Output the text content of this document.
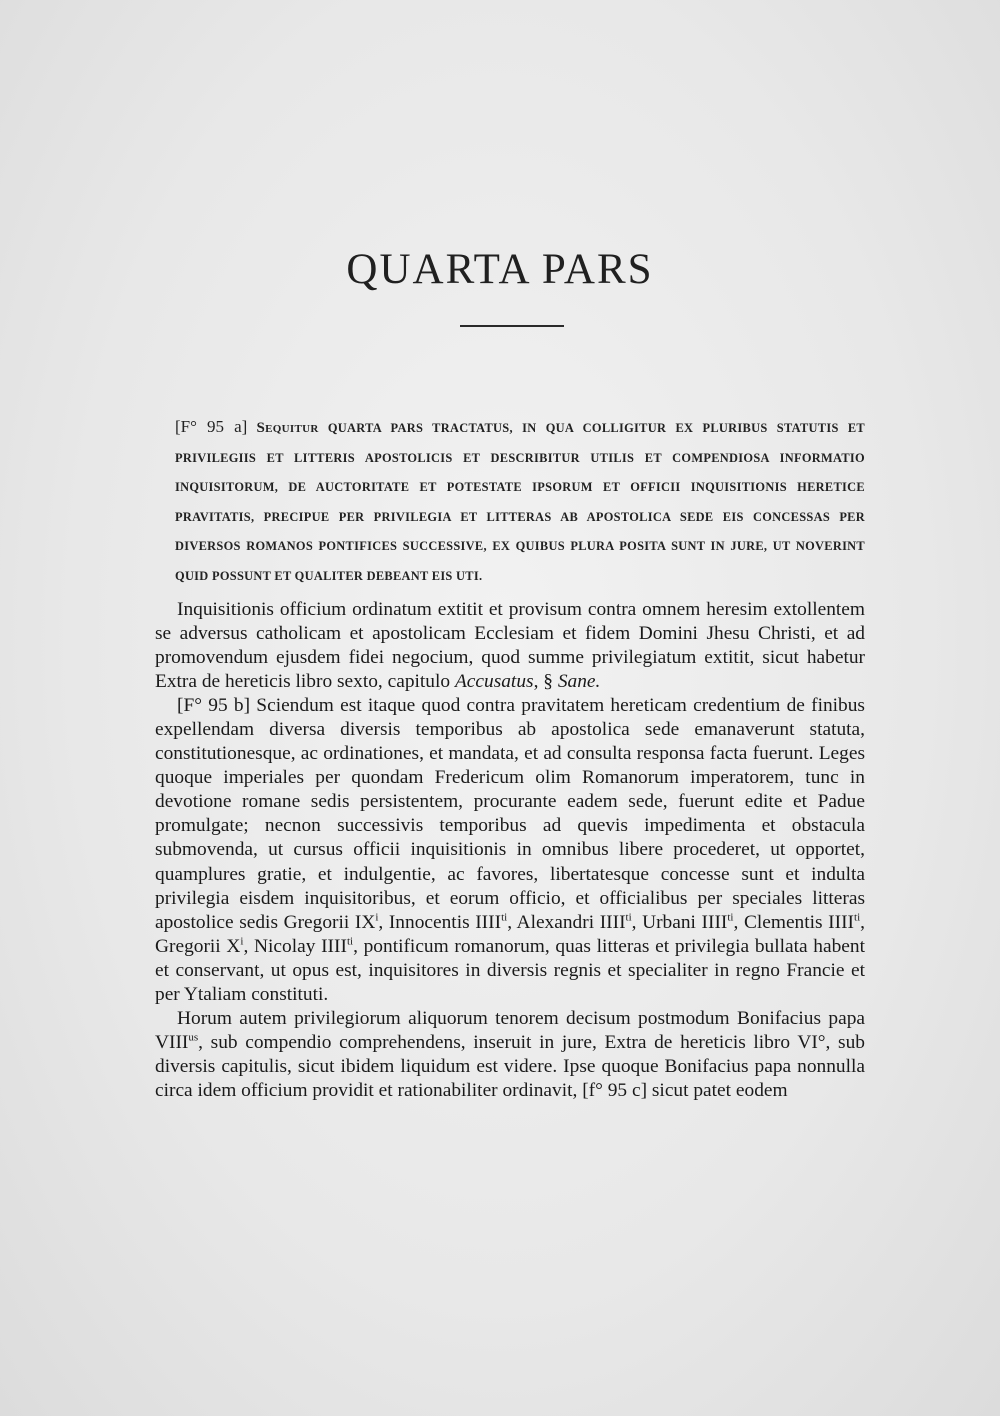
QUARTA PARS
[F° 95 a] Sequitur QUARTA PARS TRACTATUS, IN QUA COLLIGITUR EX PLURIBUS STATUTIS ET PRIVILEGIIS ET LITTERIS APOSTOLICIS ET DESCRIBITUR UTILIS ET COMPENDIOSA INFORMATIO INQUISITORUM, DE AUCTORITATE ET POTESTATE IPSORUM ET OFFICII INQUISITIONIS HERETICE PRAVITATIS, PRECIPUE PER PRIVILEGIA ET LITTERAS AB APOSTOLICA SEDE EIS CONCESSAS PER DIVERSOS ROMANOS PONTIFICES SUCCESSIVE, EX QUIBUS PLURA POSITA SUNT IN JURE, UT NOVERINT QUID POSSUNT ET QUALITER DEBEANT EIS UTI.

Inquisitionis officium ordinatum extitit et provisum contra omnem heresim extollentem se adversus catholicam et apostolicam Ecclesiam et fidem Domini Jhesu Christi, et ad promovendum ejusdem fidei negocium, quod summe privilegiatum extitit, sicut habetur Extra de hereticis libro sexto, capitulo Accusatus, § Sane.

[F° 95 b] Sciendum est itaque quod contra pravitatem hereticam credentium de finibus expellendam diversa diversis temporibus ab apostolica sede emanaverunt statuta, constitutionesque, ac ordinationes, et mandata, et ad consulta responsa facta fuerunt. Leges quoque imperiales per quondam Fredericum olim Romanorum imperatorem, tunc in devotione romane sedis persistentem, procurante eadem sede, fuerunt edite et Padue promulgate; necnon successivis temporibus ad quevis impedimenta et obstacula submovenda, ut cursus officii inquisitionis in omnibus libere procederet, ut opportet, quamplures gratie, et indulgentie, ac favores, libertatesque concesse sunt et indulta privilegia eisdem inquisitoribus, et eorum officio, et officialibus per speciales litteras apostolice sedis Gregorii $IX^i$, Innocentis $IIII^{ti}$, Alexandri $IIII^{ti}$, Urbani $IIII^{ti}$, Clementis $IIII^{ti}$, Gregorii $X^i$, Nicolay $IIII^{ti}$, pontificum romanorum, quas litteras et privilegia bullata habent et conservant, ut opus est, inquisitores in diversis regnis et specialiter in regno Francie et per Ytaliam constituti.

Horum autem privilegiorum aliquorum tenorem decisum postmodum Bonifacius papa $VIII^{us}$, sub compendio comprehendens, inseruit in jure, Extra de hereticis libro VI°, sub diversis capitulis, sicut ibidem liquidum est videre. Ipse quoque Bonifacius papa nonnulla circa idem officium providit et rationabiliter ordinavit, [f° 95 c] sicut patet eodem
